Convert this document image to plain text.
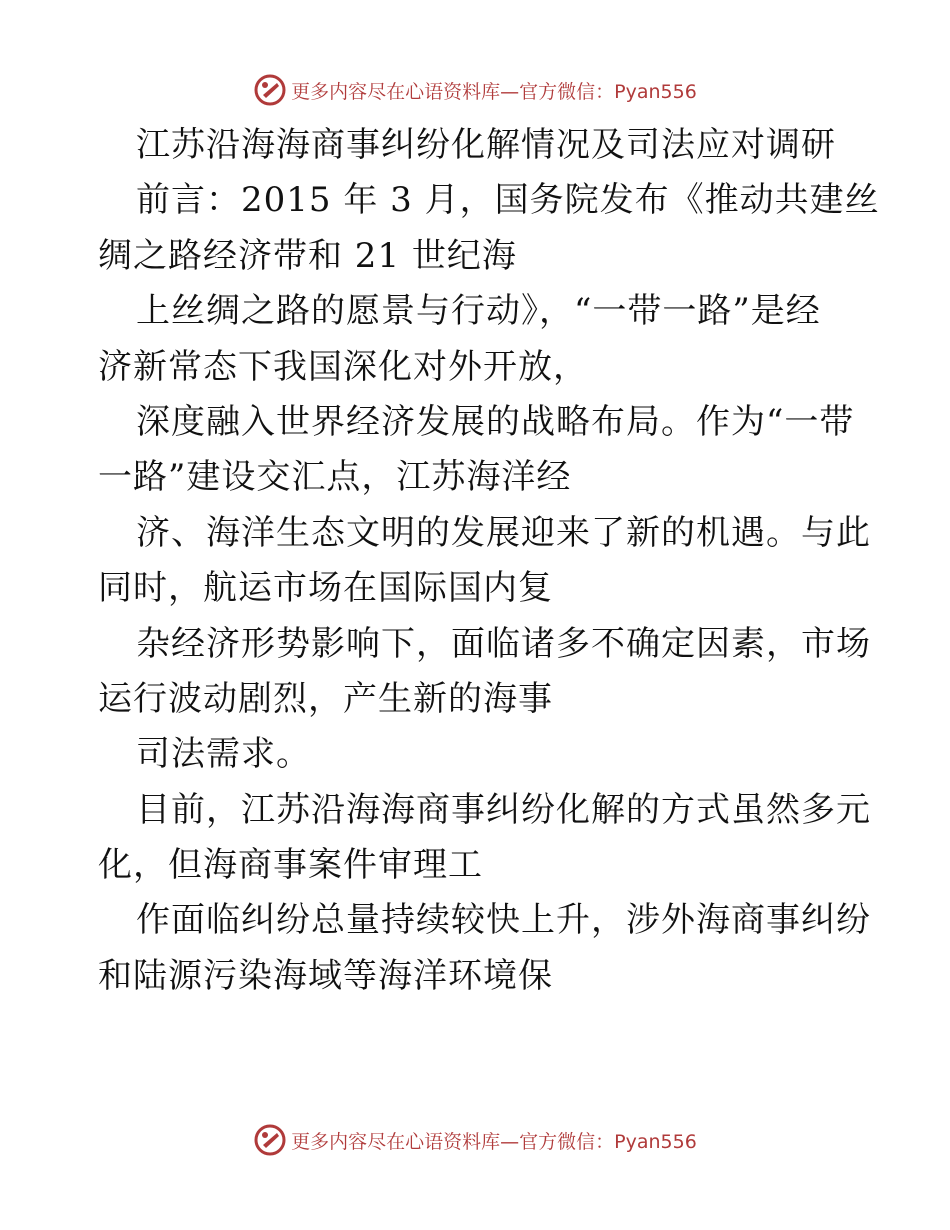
更多内容尽在心语资料库—官方微信：Pyan556
江苏沿海海商事纠纷化解情况及司法应对调研
前言：2015 年 3 月，国务院发布《推动共建丝
绸之路经济带和 21 世纪海
上丝绸之路的愿景与行动》，“一带一路”是经
济新常态下我国深化对外开放，
深度融入世界经济发展的战略布局。作为“一带
一路”建设交汇点，江苏海洋经
济、海洋生态文明的发展迎来了新的机遇。与此
同时，航运市场在国际国内复
杂经济形势影响下，面临诸多不确定因素，市场
运行波动剧烈，产生新的海事
司法需求。
目前，江苏沿海海商事纠纷化解的方式虽然多元
化，但海商事案件审理工
作面临纠纷总量持续较快上升，涉外海商事纠纷
和陆源污染海域等海洋环境保
更多内容尽在心语资料库—官方微信：Pyan556
